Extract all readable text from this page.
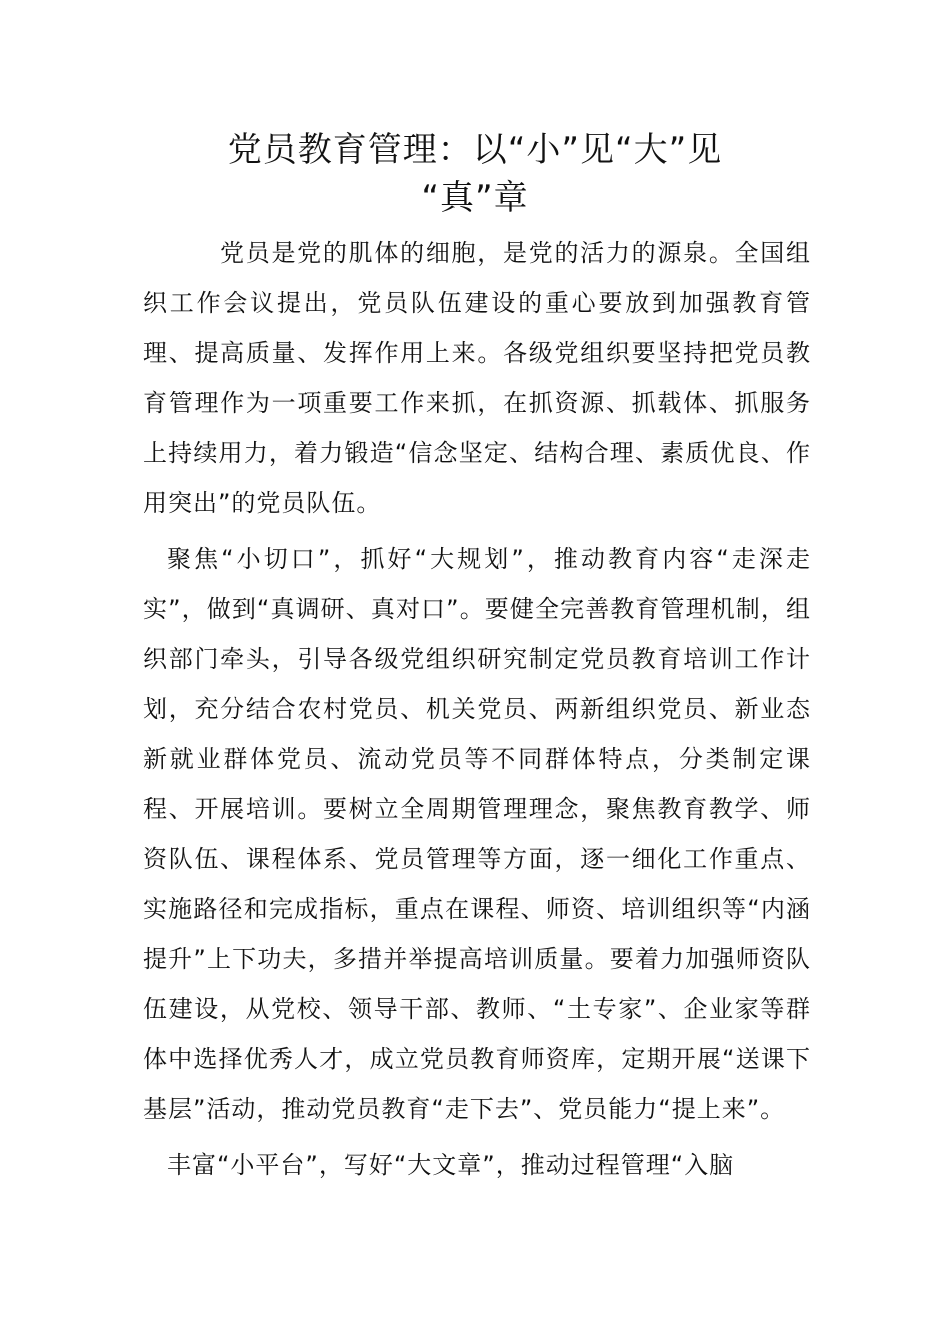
党员教育管理：以“小”见“大”见
“真”章

党员是党的肌体的细胞，是党的活力的源泉。全国组织工作会议提出，党员队伍建设的重心要放到加强教育管理、提高质量、发挥作用上来。各级党组织要坚持把党员教育管理作为一项重要工作来抓，在抓资源、抓载体、抓服务上持续用力，着力锻造“信念坚定、结构合理、素质优良、作用突出”的党员队伍。

聚焦“小切口”，抓好“大规划”，推动教育内容“走深走实”，做到“真调研、真对口”。要健全完善教育管理机制，组织部门牵头，引导各级党组织研究制定党员教育培训工作计划，充分结合农村党员、机关党员、两新组织党员、新业态新就业群体党员、流动党员等不同群体特点，分类制定课程、开展培训。要树立全周期管理理念，聚焦教育教学、师资队伍、课程体系、党员管理等方面，逐一细化工作重点、实施路径和完成指标，重点在课程、师资、培训组织等“内涵提升”上下功夫，多措并举提高培训质量。要着力加强师资队伍建设，从党校、领导干部、教师、“土专家”、企业家等群体中选择优秀人才，成立党员教育师资库，定期开展“送课下基层”活动，推动党员教育“走下去”、党员能力“提上来”。

丰富“小平台”，写好“大文章”，推动过程管理“入脑
